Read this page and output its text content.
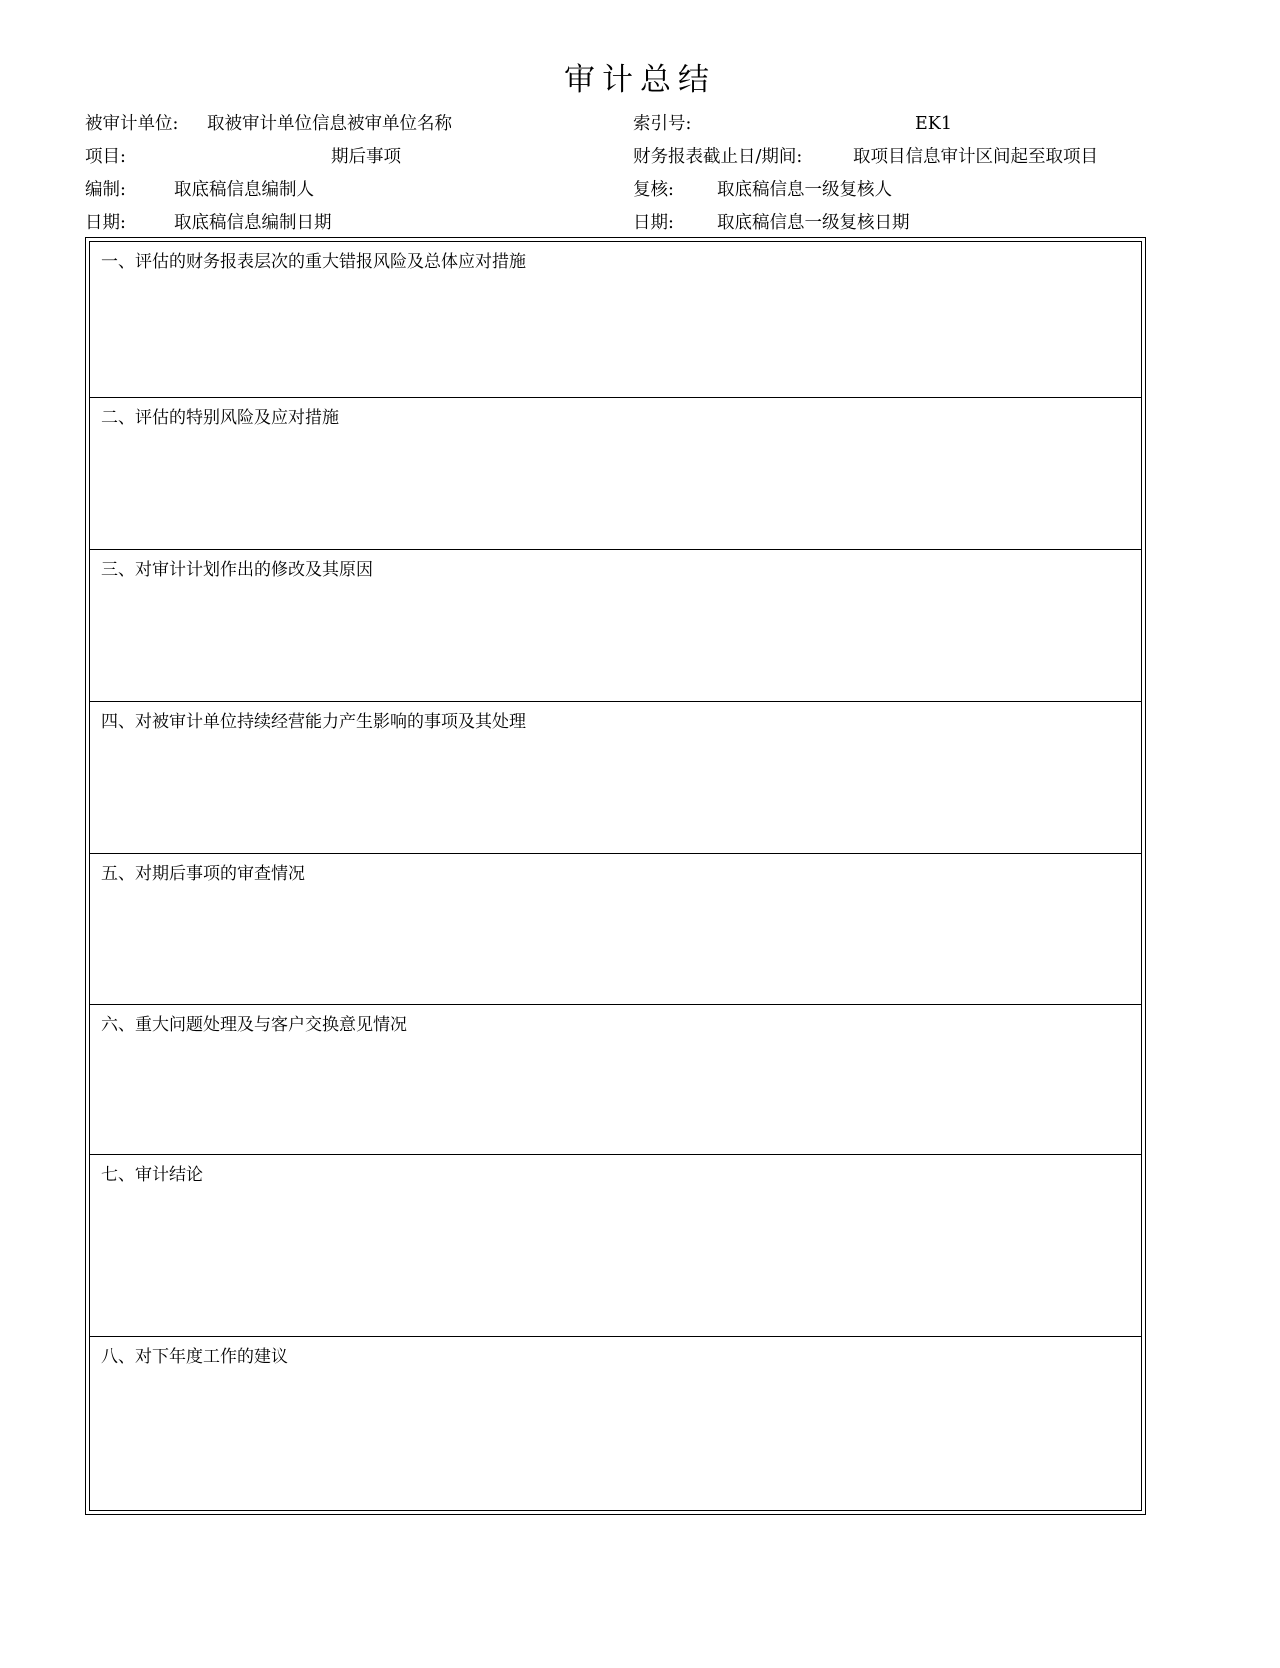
审计总结
被审计单位: 取被审计单位信息被审单位名称	索引号:	EK1
项目:	期后事项	财务报表截止日/期间:	取项目信息审计区间起至取项目
编制:	取底稿信息编制人	复核: 取底稿信息一级复核人
日期:	取底稿信息编制日期	日期: 取底稿信息一级复核日期
一、评估的财务报表层次的重大错报风险及总体应对措施
二、评估的特别风险及应对措施
三、对审计计划作出的修改及其原因
四、对被审计单位持续经营能力产生影响的事项及其处理
五、对期后事项的审查情况
六、重大问题处理及与客户交换意见情况
七、审计结论
八、对下年度工作的建议
